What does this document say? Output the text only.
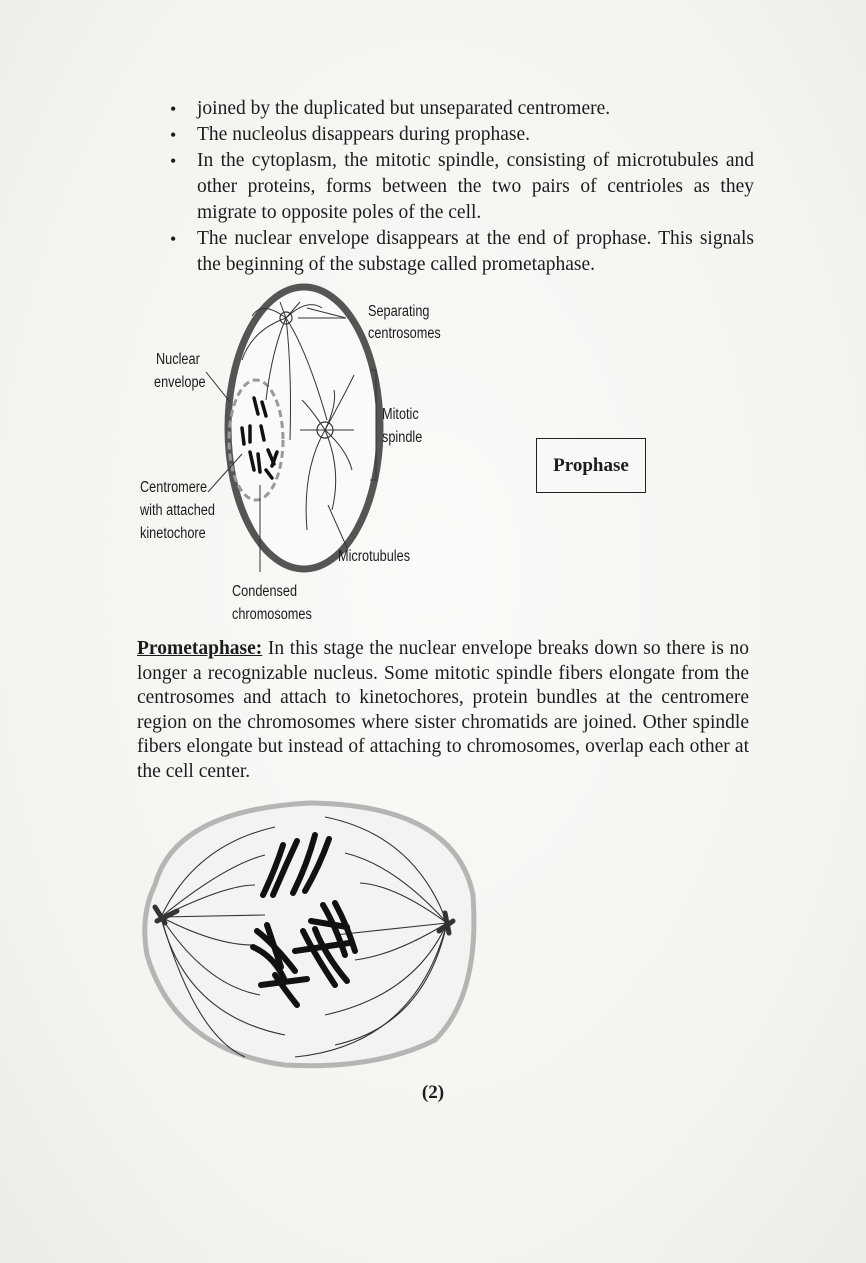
• joined by the duplicated but unseparated centromere.
• The nucleolus disappears during prophase.
• In the cytoplasm, the mitotic spindle, consisting of microtubules and other proteins, forms between the two pairs of centrioles as they migrate to opposite poles of the cell.
• The nuclear envelope disappears at the end of prophase. This signals the beginning of the substage called prometaphase.
Separating
centrosomes
Nuclear
envelope
Mitotic
spindle
Centromere
with attached
kinetochore
Microtubules
Condensed
chromosomes
Prophase

Prometaphase: In this stage the nuclear envelope breaks down so there is no longer a recognizable nucleus. Some mitotic spindle fibers elongate from the centrosomes and attach to kinetochores, protein bundles at the centromere region on the chromosomes where sister chromatids are joined. Other spindle fibers elongate but instead of attaching to chromosomes, overlap each other at the cell center.

(2)
